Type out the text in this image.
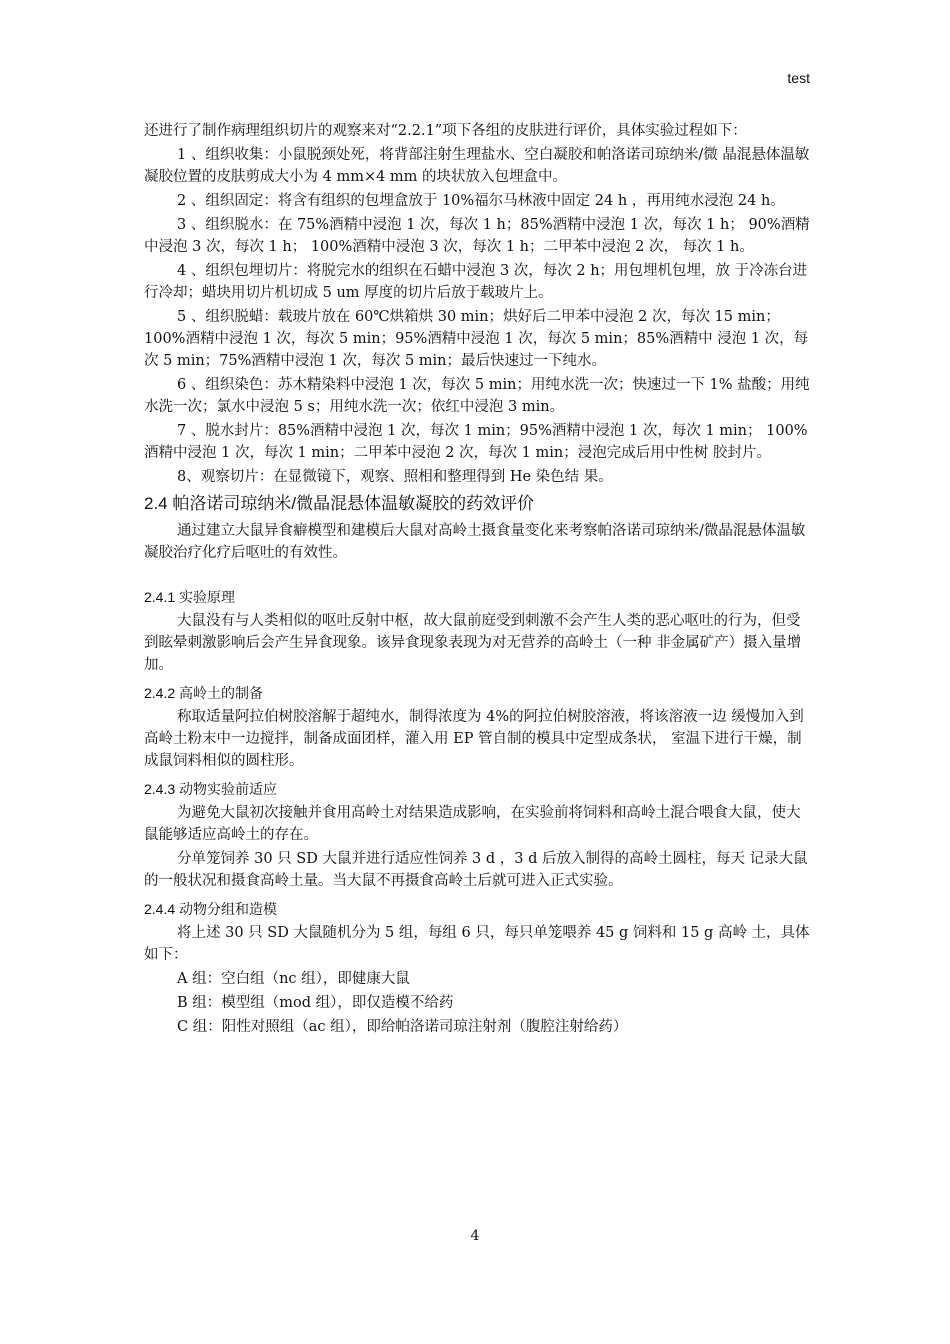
test

还进行了制作病理组织切片的观察来对“2.2.1”项下各组的皮肤进行评价，具体实验过程如下：

1 、组织收集：小鼠脱颈处死，将背部注射生理盐水、空白凝胶和帕洛诺司琼纳米/微 晶混悬体温敏凝胶位置的皮肤剪成大小为 4 mm×4 mm 的块状放入包埋盒中。

2 、组织固定：将含有组织的包埋盒放于 10%福尔马林液中固定 24 h ，再用纯水浸泡 24 h。

3 、组织脱水：在 75%酒精中浸泡 1 次，每次 1 h；85%酒精中浸泡 1 次，每次 1 h； 90%酒精中浸泡 3 次，每次 1 h； 100%酒精中浸泡 3 次，每次 1 h；二甲苯中浸泡 2 次， 每次 1 h。

4 、组织包埋切片：将脱完水的组织在石蜡中浸泡 3 次，每次 2 h；用包埋机包埋，放 于冷冻台进行冷却；蜡块用切片机切成 5 um 厚度的切片后放于载玻片上。

5 、组织脱蜡：载玻片放在 60℃烘箱烘 30 min；烘好后二甲苯中浸泡 2 次，每次 15 min；100%酒精中浸泡 1 次，每次 5 min；95%酒精中浸泡 1 次，每次 5 min；85%酒精中 浸泡 1 次，每次 5 min；75%酒精中浸泡 1 次，每次 5 min；最后快速过一下纯水。

6 、组织染色：苏木精染料中浸泡 1 次，每次 5 min；用纯水洗一次；快速过一下 1% 盐酸；用纯水洗一次；氯水中浸泡 5 s；用纯水洗一次；依红中浸泡 3 min。

7 、脱水封片：85%酒精中浸泡 1 次，每次 1 min；95%酒精中浸泡 1 次，每次 1 min； 100%酒精中浸泡 1 次，每次 1 min；二甲苯中浸泡 2 次，每次 1 min；浸泡完成后用中性树 胶封片。

8、观察切片：在显微镜下，观察、照相和整理得到 He 染色结 果。

2.4 帕洛诺司琼纳米/微晶混悬体温敏凝胶的药效评价

通过建立大鼠异食癖模型和建模后大鼠对高岭土摄食量变化来考察帕洛诺司琼纳米/微晶混悬体温敏凝胶治疗化疗后呕吐的有效性。

2.4.1 实验原理

大鼠没有与人类相似的呕吐反射中枢，故大鼠前庭受到刺激不会产生人类的恶心呕吐的行为，但受到眩晕刺激影响后会产生异食现象。该异食现象表现为对无营养的高岭土（一种 非金属矿产）摄入量增加。

2.4.2 高岭土的制备

称取适量阿拉伯树胶溶解于超纯水，制得浓度为 4%的阿拉伯树胶溶液，将该溶液一边 缓慢加入到高岭土粉末中一边搅拌，制备成面团样，灌入用 EP 管自制的模具中定型成条状， 室温下进行干燥，制成鼠饲料相似的圆柱形。

2.4.3 动物实验前适应

为避免大鼠初次接触并食用高岭土对结果造成影响，在实验前将饲料和高岭土混合喂食大鼠，使大鼠能够适应高岭土的存在。

分单笼饲养 30 只 SD 大鼠并进行适应性饲养 3 d ，3 d 后放入制得的高岭土圆柱，每天 记录大鼠的一般状况和摄食高岭土量。当大鼠不再摄食高岭土后就可进入正式实验。

2.4.4 动物分组和造模

将上述 30 只 SD 大鼠随机分为 5 组，每组 6 只，每只单笼喂养 45 g 饲料和 15 g 高岭 土，具体如下：

A 组：空白组（nc 组），即健康大鼠

B 组：模型组（mod 组），即仅造模不给药

C 组：阳性对照组（ac 组），即给帕洛诺司琼注射剂（腹腔注射给药）

4
